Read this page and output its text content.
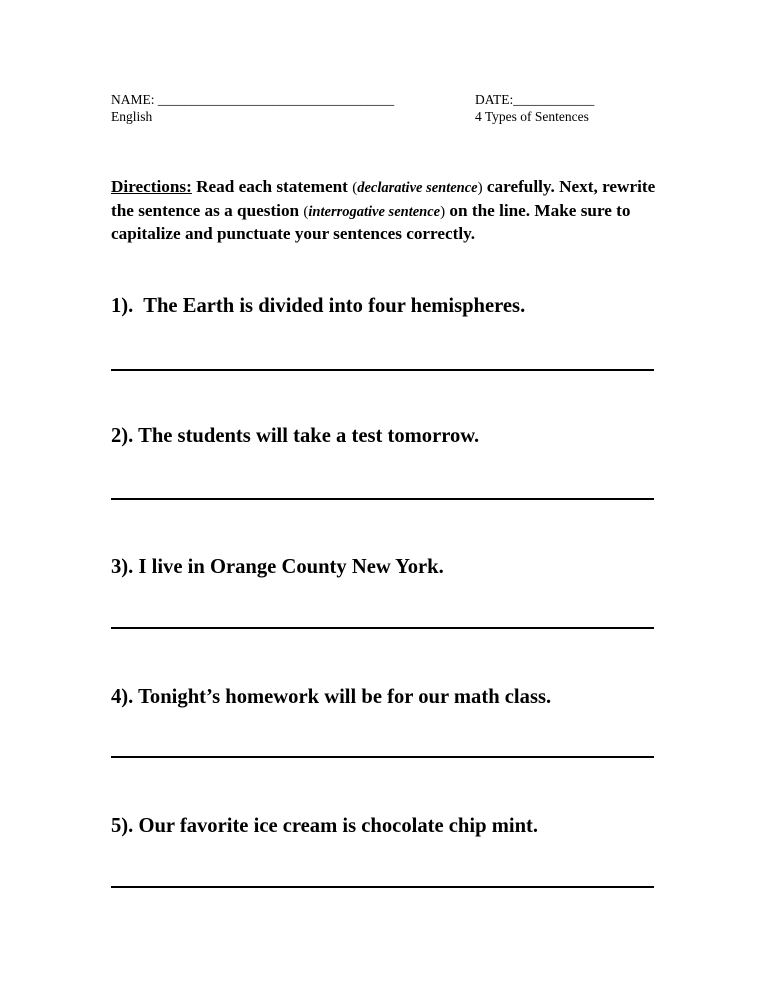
NAME: ___________________________________
English
DATE:____________
4 Types of Sentences
Directions: Read each statement (declarative sentence) carefully. Next, rewrite the sentence as a question (interrogative sentence) on the line. Make sure to capitalize and punctuate your sentences correctly.
1).  The Earth is divided into four hemispheres.
2). The students will take a test tomorrow.
3). I live in Orange County New York.
4). Tonight’s homework will be for our math class.
5). Our favorite ice cream is chocolate chip mint.
